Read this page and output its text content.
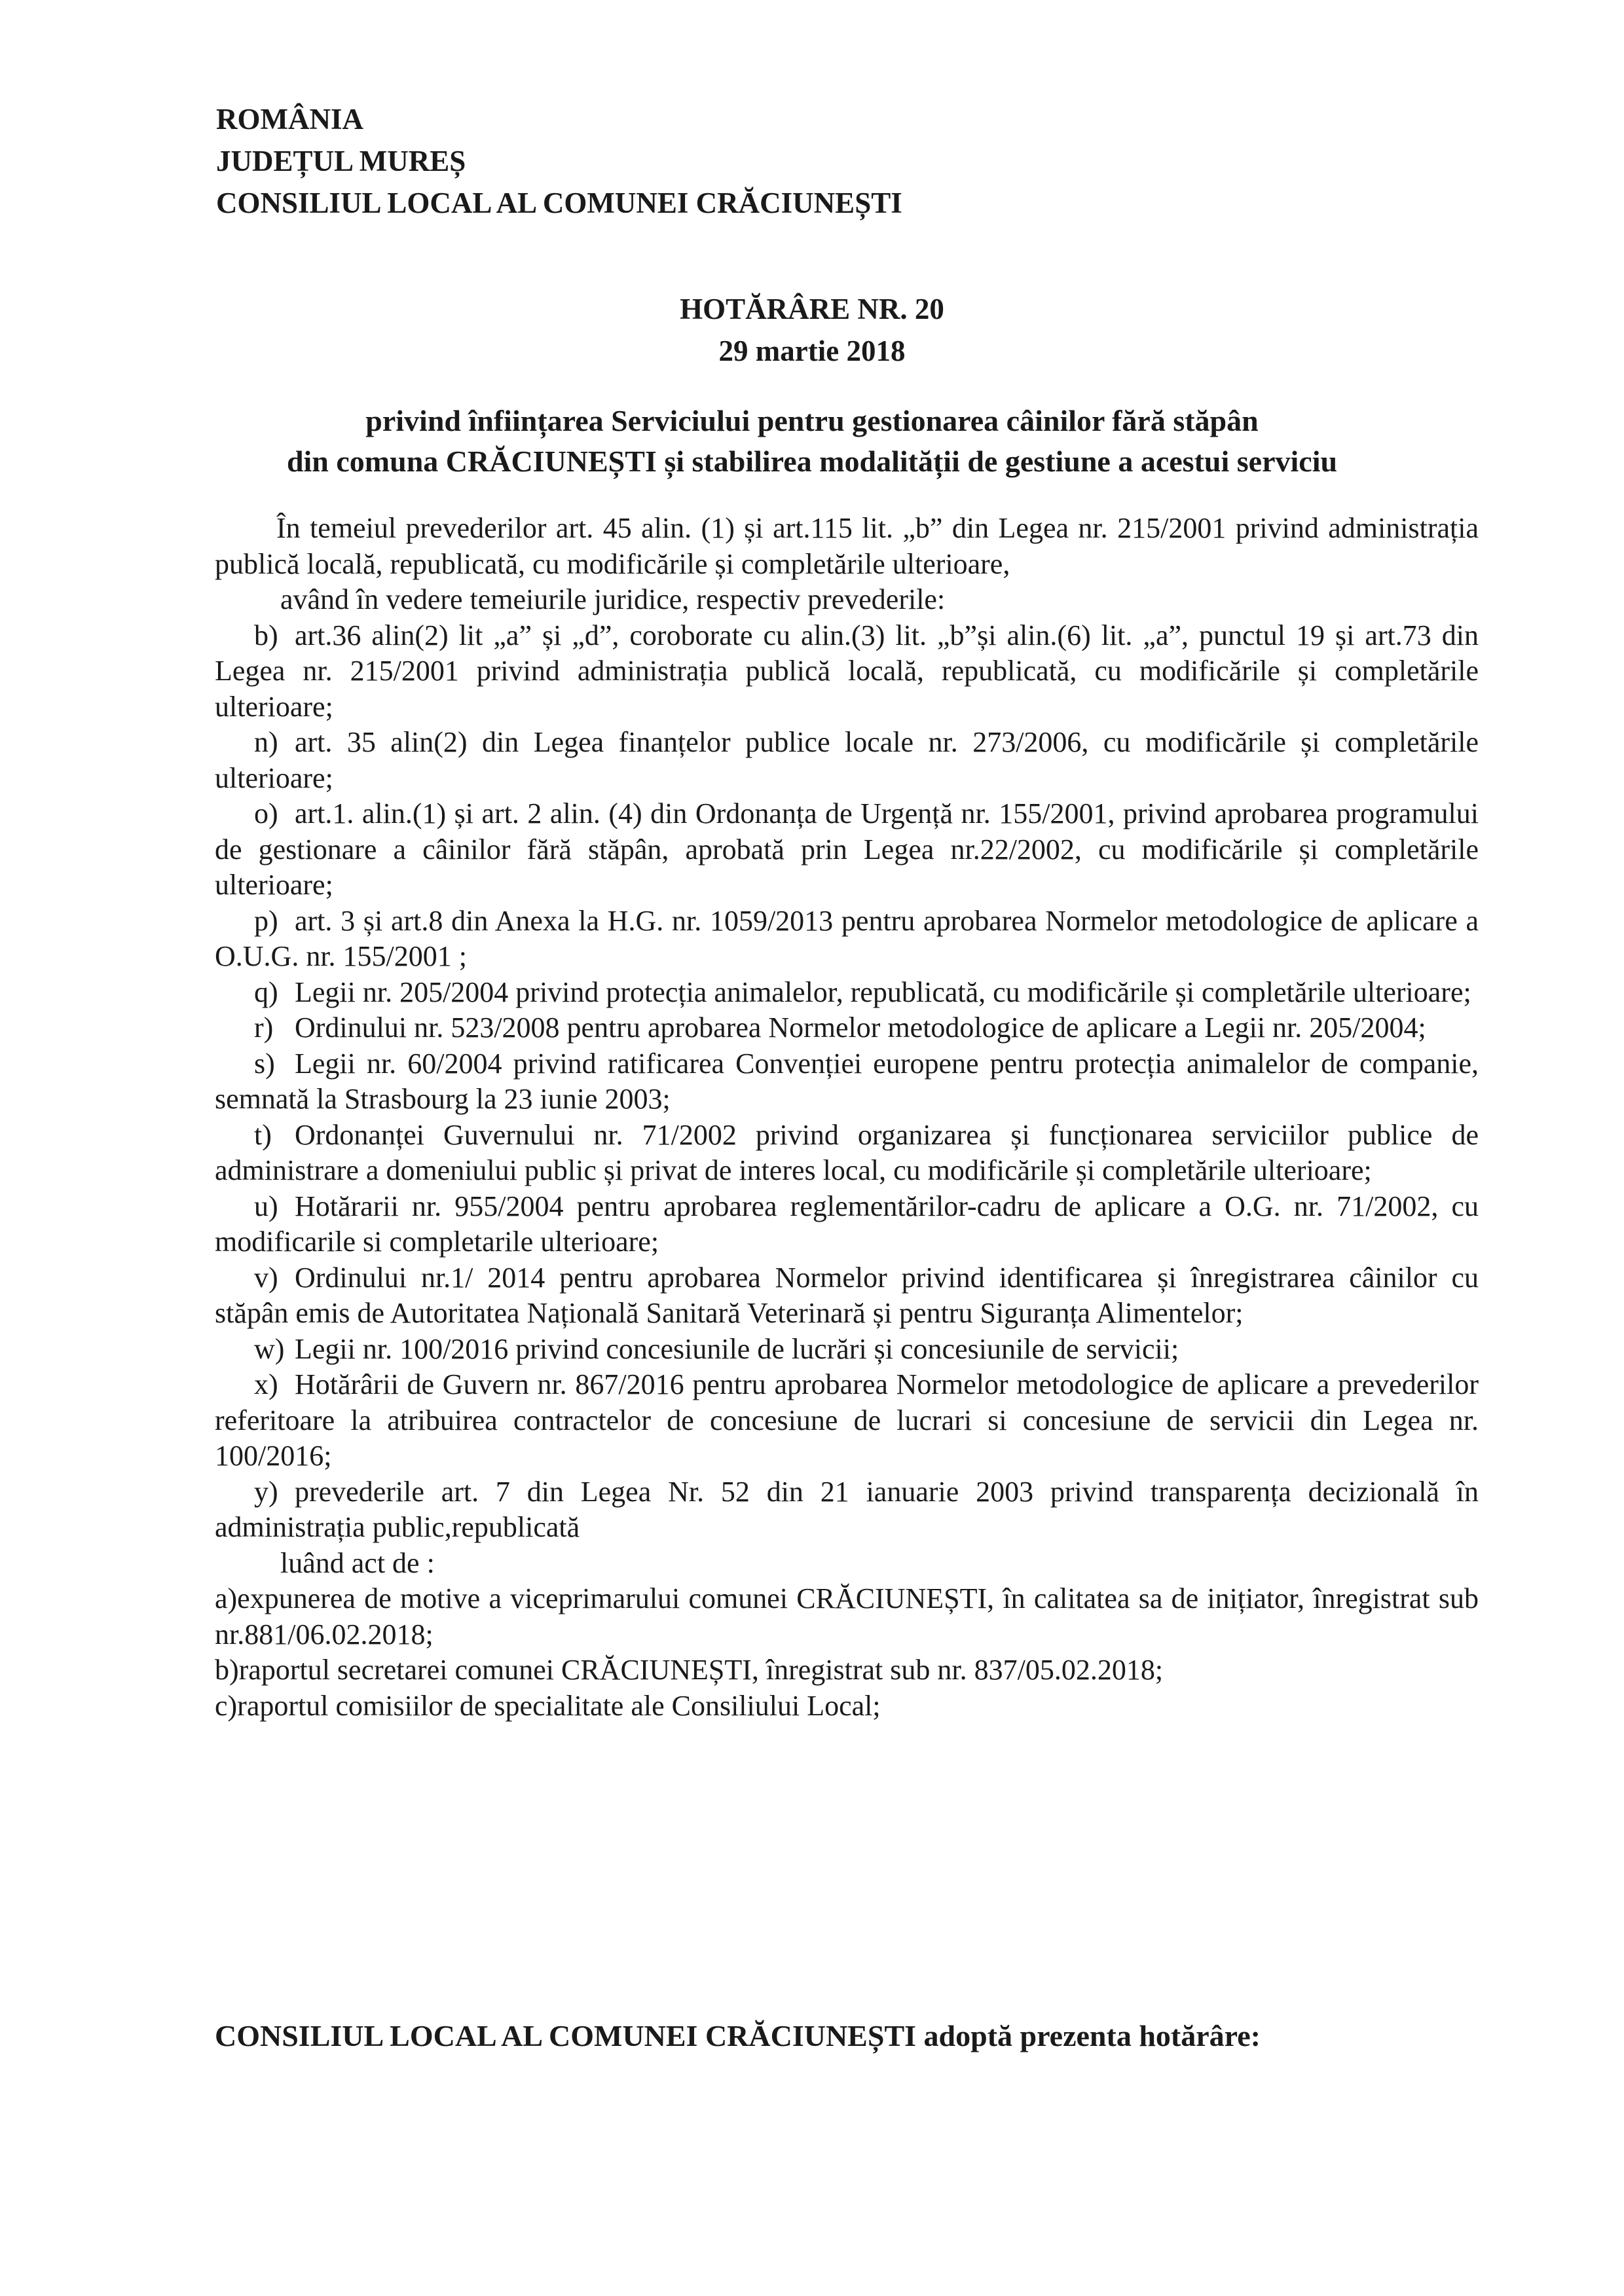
ROMÂNIA
JUDEȚUL MUREȘ
CONSILIUL LOCAL AL COMUNEI CRĂCIUNEȘTI
HOTĂRÂRE NR. 20
29 martie 2018
privind înființarea Serviciului pentru gestionarea câinilor fără stăpân
din comuna CRĂCIUNEȘTI și stabilirea modalității de gestiune a acestui serviciu

În temeiul prevederilor art. 45 alin. (1) și art.115 lit. „b” din Legea nr. 215/2001 privind administrația publică locală, republicată, cu modificările și completările ulterioare,

având în vedere temeiurile juridice, respectiv prevederile:

b) art.36 alin(2) lit „a” și „d”, coroborate cu alin.(3) lit. „b”și alin.(6) lit. „a”, punctul 19 și art.73 din Legea nr. 215/2001 privind administrația publică locală, republicată, cu modificările și completările ulterioare;

n) art. 35 alin(2) din Legea finanțelor publice locale nr. 273/2006, cu modificările și completările ulterioare;

o) art.1. alin.(1) și art. 2 alin. (4) din Ordonanța de Urgență nr. 155/2001, privind aprobarea programului de gestionare a câinilor fără stăpân, aprobată prin Legea nr.22/2002, cu modificările și completările ulterioare;

p) art. 3 și art.8 din Anexa la H.G. nr. 1059/2013 pentru aprobarea Normelor metodologice de aplicare a O.U.G. nr. 155/2001 ;

q) Legii nr. 205/2004 privind protecția animalelor, republicată, cu modificările și completările ulterioare;

r) Ordinului nr. 523/2008 pentru aprobarea Normelor metodologice de aplicare a Legii nr. 205/2004;

s) Legii nr. 60/2004 privind ratificarea Convenției europene pentru protecția animalelor de companie, semnată la Strasbourg la 23 iunie 2003;

t) Ordonanței Guvernului nr. 71/2002 privind organizarea și funcționarea serviciilor publice de administrare a domeniului public și privat de interes local, cu modificările și completările ulterioare;

u) Hotărarii nr. 955/2004 pentru aprobarea reglementărilor-cadru de aplicare a O.G. nr. 71/2002, cu modificarile si completarile ulterioare;

v) Ordinului nr.1/ 2014 pentru aprobarea Normelor privind identificarea și înregistrarea câinilor cu stăpân emis de Autoritatea Națională Sanitară Veterinară și pentru Siguranța Alimentelor;

w) Legii nr. 100/2016 privind concesiunile de lucrări și concesiunile de servicii;

x) Hotărârii de Guvern nr. 867/2016 pentru aprobarea Normelor metodologice de aplicare a prevederilor referitoare la atribuirea contractelor de concesiune de lucrari si concesiune de servicii din Legea nr. 100/2016;

y) prevederile art. 7 din Legea Nr. 52 din 21 ianuarie 2003 privind transparența decizională în administrația public,republicată

luând act de :

a)expunerea de motive a viceprimarului comunei CRĂCIUNEȘTI, în calitatea sa de inițiator, înregistrat sub nr.881/06.02.2018;

b)raportul secretarei comunei CRĂCIUNEȘTI, înregistrat sub nr. 837/05.02.2018;

c)raportul comisiilor de specialitate ale Consiliului Local;

CONSILIUL LOCAL AL COMUNEI CRĂCIUNEȘTI adoptă prezenta hotărâre:
